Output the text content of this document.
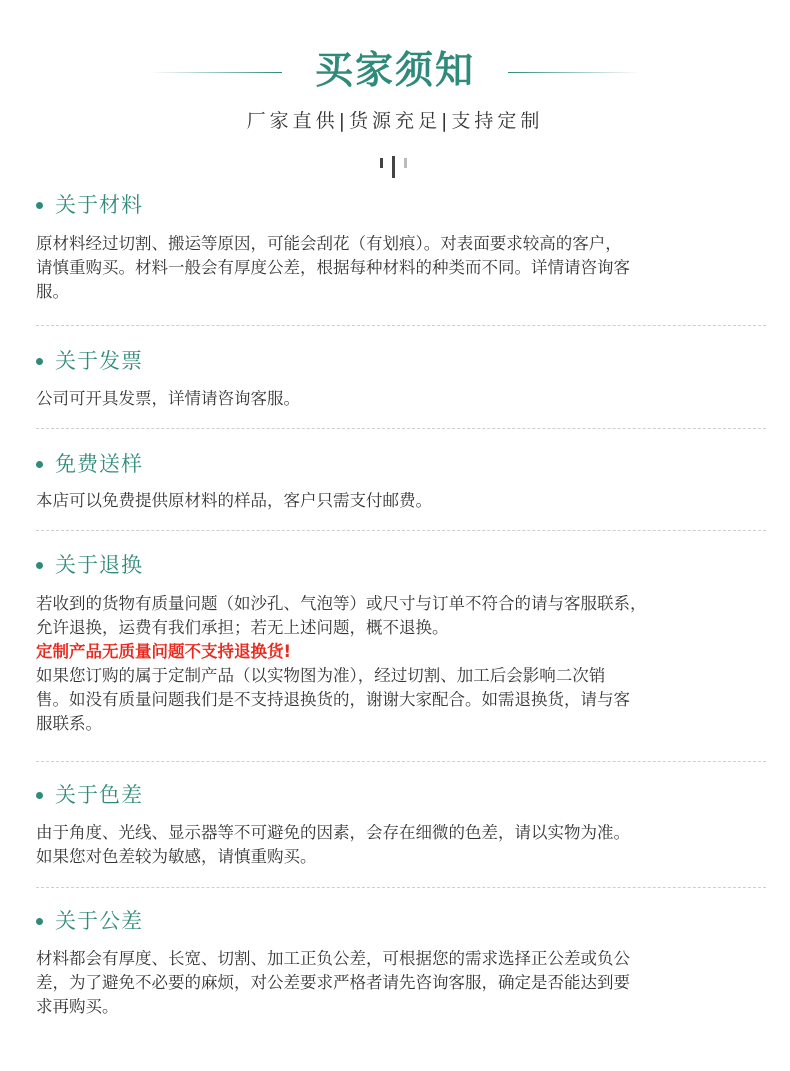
买家须知
厂家直供|货源充足|支持定制
关于材料

原材料经过切割、搬运等原因，可能会刮花（有划痕）。对表面要求较高的客户，

请慎重购买。材料一般会有厚度公差，根据每种材料的种类而不同。详情请咨询客

服。

关于发票

公司可开具发票，详情请咨询客服。

免费送样

本店可以免费提供原材料的样品，客户只需支付邮费。

关于退换

若收到的货物有质量问题（如沙孔、气泡等）或尺寸与订单不符合的请与客服联系，

允许退换，运费有我们承担；若无上述问题，概不退换。

定制产品无质量问题不支持退换货!

如果您订购的属于定制产品（以实物图为准），经过切割、加工后会影响二次销

售。如没有质量问题我们是不支持退换货的，谢谢大家配合。如需退换货，请与客

服联系。

关于色差

由于角度、光线、显示器等不可避免的因素，会存在细微的色差，请以实物为准。

如果您对色差较为敏感，请慎重购买。

关于公差

材料都会有厚度、长宽、切割、加工正负公差，可根据您的需求选择正公差或负公

差，为了避免不必要的麻烦，对公差要求严格者请先咨询客服，确定是否能达到要

求再购买。
